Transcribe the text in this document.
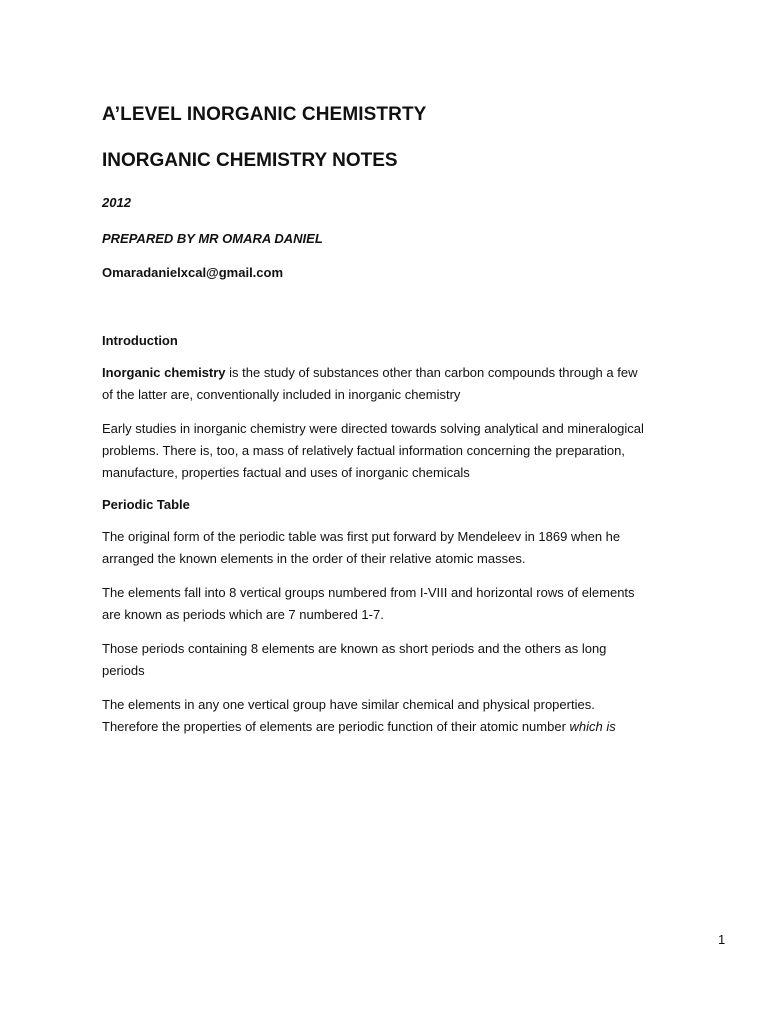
A’LEVEL INORGANIC CHEMISTRTY
INORGANIC CHEMISTRY NOTES
2012
PREPARED BY MR OMARA DANIEL
Omaradanielxcal@gmail.com
Introduction
Inorganic chemistry is the study of substances other than carbon compounds through a few
of the latter are, conventionally included in inorganic chemistry
Early studies in inorganic chemistry were directed towards solving analytical and mineralogical
problems. There is, too, a mass of relatively factual information concerning the preparation,
manufacture, properties factual and uses of inorganic chemicals
Periodic Table
The original form of the periodic table was first put forward by Mendeleev in 1869 when he
arranged the known elements in the order of their relative atomic masses.
The elements fall into 8 vertical groups numbered from I-VIII and horizontal rows of elements
are known as periods which are 7 numbered 1-7.
Those periods containing 8 elements are known as short periods and the others as long
periods
The elements in any one vertical group have similar chemical and physical properties.
Therefore the properties of elements are periodic function of their atomic number which is
1
